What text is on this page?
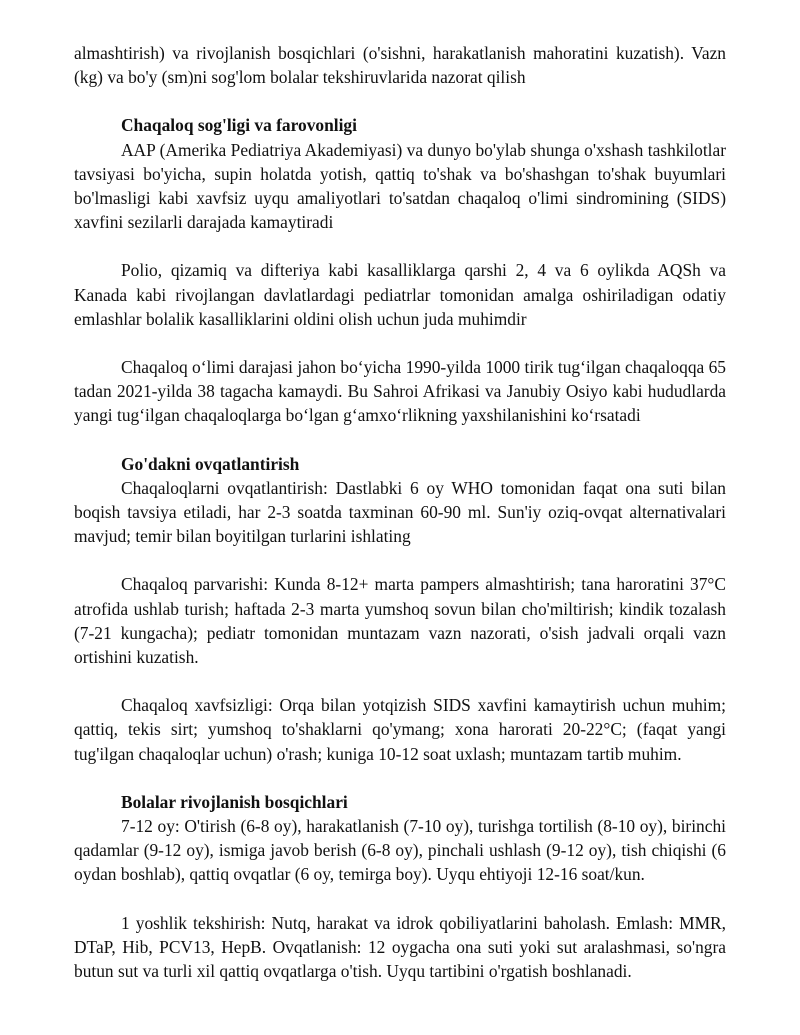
almashtirish) va rivojlanish bosqichlari (o'sishni, harakatlanish mahoratini kuzatish). Vazn (kg) va bo'y (sm)ni sog'lom bolalar tekshiruvlarida nazorat qilish

Chaqaloq sog'ligi va farovonligi

AAP (Amerika Pediatriya Akademiyasi) va dunyo bo'ylab shunga o'xshash tashkilotlar tavsiyasi bo'yicha, supin holatda yotish, qattiq to'shak va bo'shashgan to'shak buyumlari bo'lmasligi kabi xavfsiz uyqu amaliyotlari to'satdan chaqaloq o'limi sindromining (SIDS) xavfini sezilarli darajada kamaytiradi

Polio, qizamiq va difteriya kabi kasalliklarga qarshi 2, 4 va 6 oylikda AQSh va Kanada kabi rivojlangan davlatlardagi pediatrlar tomonidan amalga oshiriladigan odatiy emlashlar bolalik kasalliklarini oldini olish uchun juda muhimdir

Chaqaloq o‘limi darajasi jahon bo‘yicha 1990-yilda 1000 tirik tug‘ilgan chaqaloqqa 65 tadan 2021-yilda 38 tagacha kamaydi. Bu Sahroi Afrikasi va Janubiy Osiyo kabi hududlarda yangi tug‘ilgan chaqaloqlarga bo‘lgan g‘amxo‘rlikning yaxshilanishini ko‘rsatadi

Go'dakni ovqatlantirish

Chaqaloqlarni ovqatlantirish: Dastlabki 6 oy WHO tomonidan faqat ona suti bilan boqish tavsiya etiladi, har 2-3 soatda taxminan 60-90 ml. Sun'iy oziq-ovqat alternativalari mavjud; temir bilan boyitilgan turlarini ishlating

Chaqaloq parvarishi: Kunda 8-12+ marta pampers almashtirish; tana haroratini 37°C atrofida ushlab turish; haftada 2-3 marta yumshoq sovun bilan cho'miltirish; kindik tozalash (7-21 kungacha); pediatr tomonidan muntazam vazn nazorati, o'sish jadvali orqali vazn ortishini kuzatish.

Chaqaloq xavfsizligi: Orqa bilan yotqizish SIDS xavfini kamaytirish uchun muhim; qattiq, tekis sirt; yumshoq to'shaklarni qo'ymang; xona harorati 20-22°C; (faqat yangi tug'ilgan chaqaloqlar uchun) o'rash; kuniga 10-12 soat uxlash; muntazam tartib muhim.

Bolalar rivojlanish bosqichlari

7-12 oy: O'tirish (6-8 oy), harakatlanish (7-10 oy), turishga tortilish (8-10 oy), birinchi qadamlar (9-12 oy), ismiga javob berish (6-8 oy), pinchali ushlash (9-12 oy), tish chiqishi (6 oydan boshlab), qattiq ovqatlar (6 oy, temirga boy). Uyqu ehtiyoji 12-16 soat/kun.

1 yoshlik tekshirish: Nutq, harakat va idrok qobiliyatlarini baholash. Emlash: MMR, DTaP, Hib, PCV13, HepB. Ovqatlanish: 12 oygacha ona suti yoki sut aralashmasi, so'ngra butun sut va turli xil qattiq ovqatlarga o'tish. Uyqu tartibini o'rgatish boshlanadi.
